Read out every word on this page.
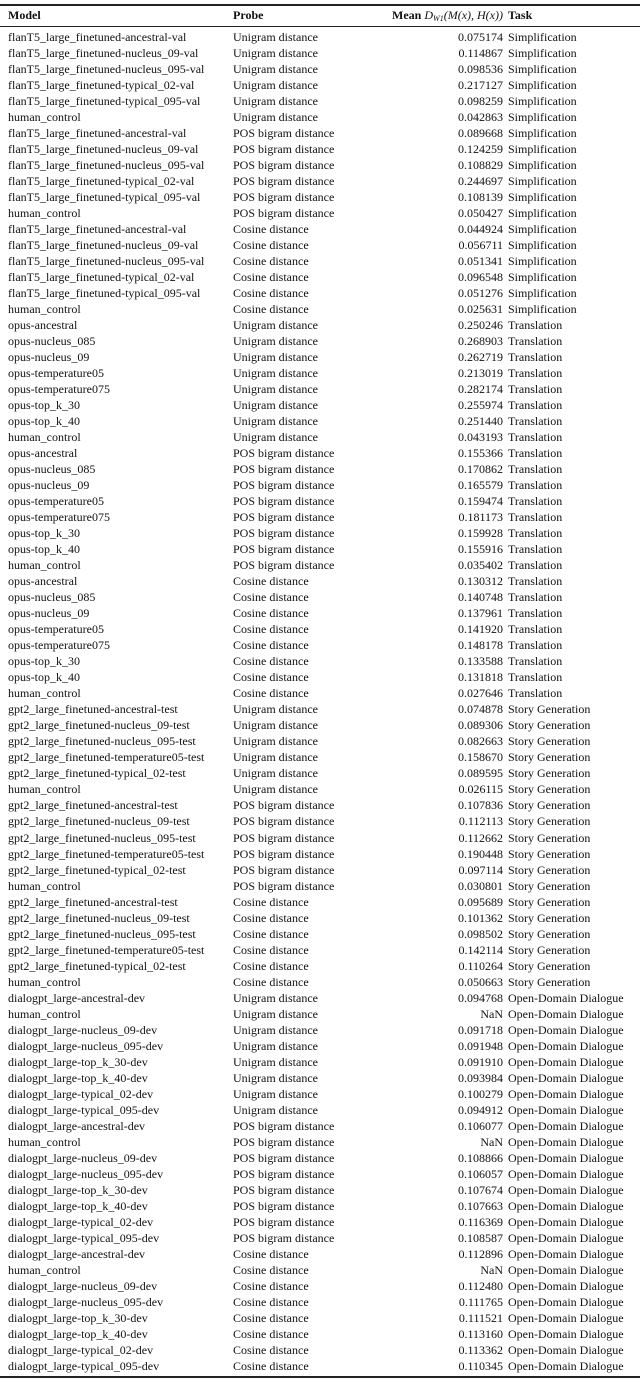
Model	Probe	Mean $D_{W1}(M(x)$, H(x)) Task
flanT5_large_finetuned-ancestral-val	Unigram distance	0.075174 Simplification
flanT5_large_finetuned-nucleus_09-val	Unigram distance	0.114867 Simplification
flanT5_large_finetuned-nucleus_095-val Unigram distance	0.098536 Simplification
flanT5_large_finetuned-typical_02-val	Unigram distance	0.217127 Simplification
flanT5_large_finetuned-typical_095-val	Unigram distance	0.098259 Simplification
human_control	Unigram distance	0.042863 Simplification
flanT5_large_finetuned-ancestral-val	POS bigram distance	0.089668 Simplification
flanT5_large_finetuned-nucleus_09-val	POS bigram distance	0.124259 Simplification
flanT5_large_finetuned-nucleus_095-val POS bigram distance	0.108829 Simplification
flanT5_large_finetuned-typical_02-val	POS bigram distance	0.244697 Simplification
flanT5_large_finetuned-typical_095-val	POS bigram distance	0.108139 Simplification
human_control	POS bigram distance	0.050427 Simplification
flanT5_large_finetuned-ancestral-val	Cosine distance	0.044924 Simplification
flanT5_large_finetuned-nucleus_09-val	Cosine distance	0.056711 Simplification
flanT5_large_finetuned-nucleus_095-val Cosine distance	0.051341 Simplification
flanT5_large_finetuned-typical_02-val	Cosine distance	0.096548 Simplification
flanT5_large_finetuned-typical_095-val	Cosine distance	0.051276 Simplification
human_control	Cosine distance	0.025631 Simplification
opus-ancestral	Unigram distance	0.250246 Translation
opus-nucleus_085	Unigram distance	0.268903 Translation
opus-nucleus_09	Unigram distance	0.262719 Translation
opus-temperature05	Unigram distance	0.213019 Translation
opus-temperature075	Unigram distance	0.282174 Translation
opus-top_k_30	Unigram distance	0.255974 Translation
opus-top_k_40	Unigram distance	0.251440 Translation
human_control	Unigram distance	0.043193 Translation
opus-ancestral	POS bigram distance	0.155366 Translation
opus-nucleus_085	POS bigram distance	0.170862 Translation
opus-nucleus_09	POS bigram distance	0.165579 Translation
opus-temperature05	POS bigram distance	0.159474 Translation
opus-temperature075	POS bigram distance	0.181173 Translation
opus-top_k_30	POS bigram distance	0.159928 Translation
opus-top_k_40	POS bigram distance	0.155916 Translation
human_control	POS bigram distance	0.035402 Translation
opus-ancestral	Cosine distance	0.130312 Translation
opus-nucleus_085	Cosine distance	0.140748 Translation
opus-nucleus_09	Cosine distance	0.137961 Translation
opus-temperature05	Cosine distance	0.141920 Translation
opus-temperature075	Cosine distance	0.148178 Translation
opus-top_k_30	Cosine distance	0.133588 Translation
opus-top_k_40	Cosine distance	0.131818 Translation
human_control	Cosine distance	0.027646 Translation
gpt2_large_finetuned-ancestral-test	Unigram distance	0.074878 Story Generation
gpt2_large_finetuned-nucleus_09-test	Unigram distance	0.089306 Story Generation
gpt2_large_finetuned-nucleus_095-test	Unigram distance	0.082663 Story Generation
gpt2_large_finetuned-temperature05-test Unigram distance	0.158670 Story Generation
gpt2_large_finetuned-typical_02-test	Unigram distance	0.089595 Story Generation
human_control	Unigram distance	0.026115 Story Generation
gpt2_large_finetuned-ancestral-test	POS bigram distance	0.107836 Story Generation
gpt2_large_finetuned-nucleus_09-test	POS bigram distance	0.112113 Story Generation
gpt2_large_finetuned-nucleus_095-test	POS bigram distance	0.112662 Story Generation
gpt2_large_finetuned-temperature05-test POS bigram distance	0.190448 Story Generation
gpt2_large_finetuned-typical_02-test	POS bigram distance	0.097114 Story Generation
human_control	POS bigram distance	0.030801 Story Generation
gpt2_large_finetuned-ancestral-test	Cosine distance	0.095689 Story Generation
gpt2_large_finetuned-nucleus_09-test	Cosine distance	0.101362 Story Generation
gpt2_large_finetuned-nucleus_095-test	Cosine distance	0.098502 Story Generation
gpt2_large_finetuned-temperature05-test Cosine distance	0.142114 Story Generation
gpt2_large_finetuned-typical_02-test	Cosine distance	0.110264 Story Generation
human_control	Cosine distance	0.050663 Story Generation
dialogpt_large-ancestral-dev	Unigram distance	0.094768 Open-Domain Dialogue
human_control	Unigram distance	NaN Open-Domain Dialogue
dialogpt_large-nucleus_09-dev	Unigram distance	0.091718 Open-Domain Dialogue
dialogpt_large-nucleus_095-dev	Unigram distance	0.091948 Open-Domain Dialogue
dialogpt_large-top_k_30-dev	Unigram distance	0.091910 Open-Domain Dialogue
dialogpt_large-top_k_40-dev	Unigram distance	0.093984 Open-Domain Dialogue
dialogpt_large-typical_02-dev	Unigram distance	0.100279 Open-Domain Dialogue
dialogpt_large-typical_095-dev	Unigram distance	0.094912 Open-Domain Dialogue
dialogpt_large-ancestral-dev	POS bigram distance	0.106077 Open-Domain Dialogue
human_control	POS bigram distance	NaN Open-Domain Dialogue
dialogpt_large-nucleus_09-dev	POS bigram distance	0.108866 Open-Domain Dialogue
dialogpt_large-nucleus_095-dev	POS bigram distance	0.106057 Open-Domain Dialogue
dialogpt_large-top_k_30-dev	POS bigram distance	0.107674 Open-Domain Dialogue
dialogpt_large-top_k_40-dev	POS bigram distance	0.107663 Open-Domain Dialogue
dialogpt_large-typical_02-dev	POS bigram distance	0.116369 Open-Domain Dialogue
dialogpt_large-typical_095-dev	POS bigram distance	0.108587 Open-Domain Dialogue
dialogpt_large-ancestral-dev	Cosine distance	0.112896 Open-Domain Dialogue
human_control	Cosine distance	NaN Open-Domain Dialogue
dialogpt_large-nucleus_09-dev	Cosine distance	0.112480 Open-Domain Dialogue
dialogpt_large-nucleus_095-dev	Cosine distance	0.111765 Open-Domain Dialogue
dialogpt_large-top_k_30-dev	Cosine distance	0.111521 Open-Domain Dialogue
dialogpt_large-top_k_40-dev	Cosine distance	0.113160 Open-Domain Dialogue
dialogpt_large-typical_02-dev	Cosine distance	0.113362 Open-Domain Dialogue
dialogpt_large-typical_095-dev	Cosine distance	0.110345 Open-Domain Dialogue
